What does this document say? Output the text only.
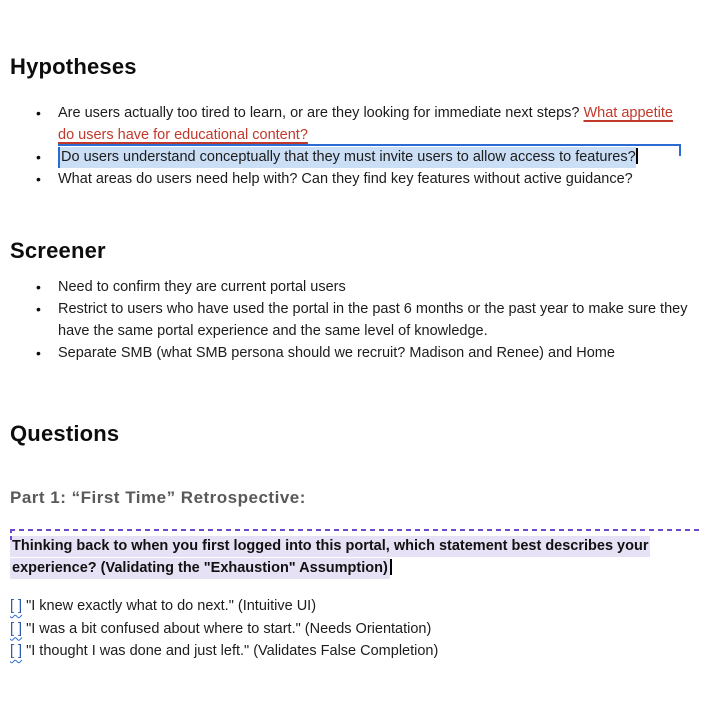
Hypotheses
• Are users actually too tired to learn, or are they looking for immediate next steps? What appetite
do users have for educational content?
• Do users understand conceptually that they must invite users to allow access to features?
• What areas do users need help with? Can they find key features without active guidance?
Screener
• Need to confirm they are current portal users
• Restrict to users who have used the portal in the past 6 months or the past year to make sure they
have the same portal experience and the same level of knowledge.
• Separate SMB (what SMB persona should we recruit? Madison and Renee) and Home
Questions
Part 1: “First Time” Retrospective:
Thinking back to when you first logged into this portal, which statement best describes your
experience? (Validating the "Exhaustion" Assumption)
[ ] "I knew exactly what to do next." (Intuitive UI)
[ ] "I was a bit confused about where to start." (Needs Orientation)
[ ] "I thought I was done and just left." (Validates False Completion)
